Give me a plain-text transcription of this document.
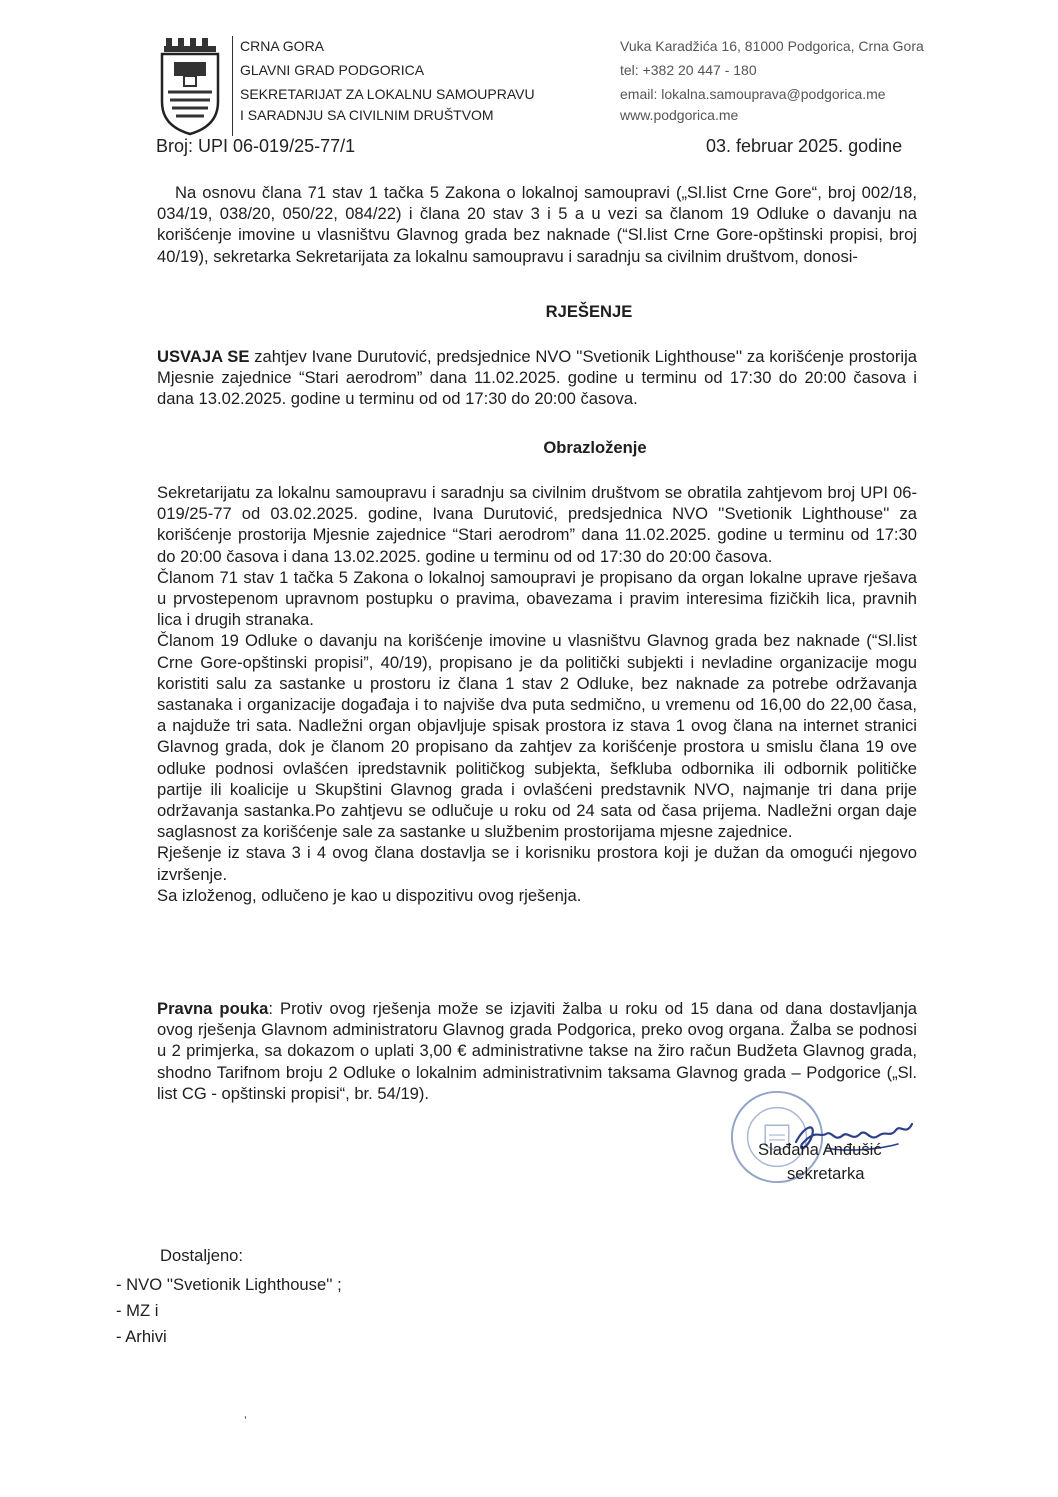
CRNA GORA
GLAVNI GRAD PODGORICA
SEKRETARIJAT ZA LOKALNU SAMOUPRAVU
I SARADNJU SA CIVILNIM DRUŠTVOM
Vuka Karadžića 16, 81000 Podgorica, Crna Gora
tel: +382 20 447 - 180
email: lokalna.samouprava@podgorica.me
www.podgorica.me
Broj: UPI 06-019/25-77/1	03. februar 2025. godine
Na osnovu člana 71 stav 1 tačka 5 Zakona o lokalnoj samoupravi („Sl.list Crne Gore“, broj 002/18, 034/19, 038/20, 050/22, 084/22) i člana 20 stav 3 i 5 a u vezi sa članom 19 Odluke o davanju na korišćenje imovine u vlasništvu Glavnog grada bez naknade (“Sl.list Crne Gore-opštinski propisi, broj 40/19), sekretarka Sekretarijata za lokalnu samoupravu i saradnju sa civilnim društvom, donosi-
RJEŠENJE
USVAJA SE zahtjev Ivane Durutović, predsjednice NVO ''Svetionik Lighthouse'' za korišćenje prostorija Mjesnie zajednice “Stari aerodrom” dana 11.02.2025. godine u terminu od 17:30 do 20:00 časova i dana 13.02.2025. godine u terminu od od 17:30 do 20:00 časova.
Obrazloženje

Sekretarijatu za lokalnu samoupravu i saradnju sa civilnim društvom se obratila zahtjevom broj UPI 06-019/25-77 od 03.02.2025. godine, Ivana Durutović, predsjednica NVO ''Svetionik Lighthouse'' za korišćenje prostorija Mjesnie zajednice “Stari aerodrom” dana 11.02.2025. godine u terminu od 17:30 do 20:00 časova i dana 13.02.2025. godine u terminu od od 17:30 do 20:00 časova.

Članom 71 stav 1 tačka 5 Zakona o lokalnoj samoupravi je propisano da organ lokalne uprave rješava u prvostepenom upravnom postupku o pravima, obavezama i pravim interesima fizičkih lica, pravnih lica i drugih stranaka.

Članom 19 Odluke o davanju na korišćenje imovine u vlasništvu Glavnog grada bez naknade (“Sl.list Crne Gore-opštinski propisi”, 40/19), propisano je da politički subjekti i nevladine organizacije mogu koristiti salu za sastanke u prostoru iz člana 1 stav 2 Odluke, bez naknade za potrebe održavanja sastanaka i organizacije događaja i to najviše dva puta sedmično, u vremenu od 16,00 do 22,00 časa, a najduže tri sata. Nadležni organ objavljuje spisak prostora iz stava 1 ovog člana na internet stranici Glavnog grada, dok je članom 20 propisano da zahtjev za korišćenje prostora u smislu člana 19 ove odluke podnosi ovlašćen ipredstavnik političkog subjekta, šefkluba odbornika ili odbornik političke partije ili koalicije u Skupštini Glavnog grada i ovlašćeni predstavnik NVO, najmanje tri dana prije održavanja sastanka.Po zahtjevu se odlučuje u roku od 24 sata od časa prijema. Nadležni organ daje saglasnost za korišćenje sale za sastanke u službenim prostorijama mjesne zajednice.

Rješenje iz stava 3 i 4 ovog člana dostavlja se i korisniku prostora koji je dužan da omogući njegovo izvršenje.

Sa izloženog, odlučeno je kao u dispozitivu ovog rješenja.

Pravna pouka: Protiv ovog rješenja može se izjaviti žalba u roku od 15 dana od dana dostavljanja ovog rješenja Glavnom administratoru Glavnog grada Podgorica, preko ovog organa. Žalba se podnosi u 2 primjerka, sa dokazom o uplati 3,00 € administrativne takse na žiro račun Budžeta Glavnog grada, shodno Tarifnom broju 2 Odluke o lokalnim administrativnim taksama Glavnog grada – Podgorice („Sl. list CG - opštinski propisi“, br. 54/19).
Slađana Anđušić
sekretarka
Dostaljeno:
- NVO ''Svetionik Lighthouse'' ;
- MZ i
- Arhivi
ʼ
